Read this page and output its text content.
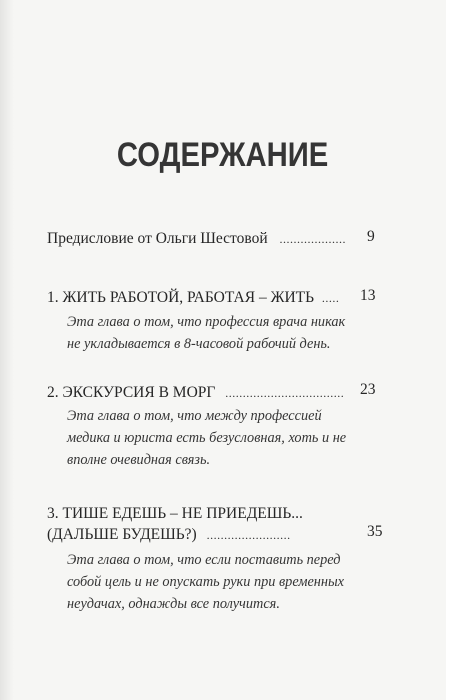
СОДЕРЖАНИЕ
Предисловие от Ольги Шестовой ...................	9
1. ЖИТЬ РАБОТОЙ, РАБОТАЯ – ЖИТЬ .....	13
Эта глава о том, что профессия врача никак
не укладывается в 8-часовой рабочий день.
2. ЭКСКУРСИЯ В МОРГ ..................................	23
Эта глава о том, что между профессией
медика и юриста есть безусловная, хоть и не
вполне очевидная связь.
3. ТИШЕ ЕДЕШЬ – НЕ ПРИЕДЕШЬ...
(ДАЛЬШЕ БУДЕШЬ?) ........................	35
Эта глава о том, что если поставить перед
собой цель и не опускать руки при временных
неудачах, однажды все получится.
